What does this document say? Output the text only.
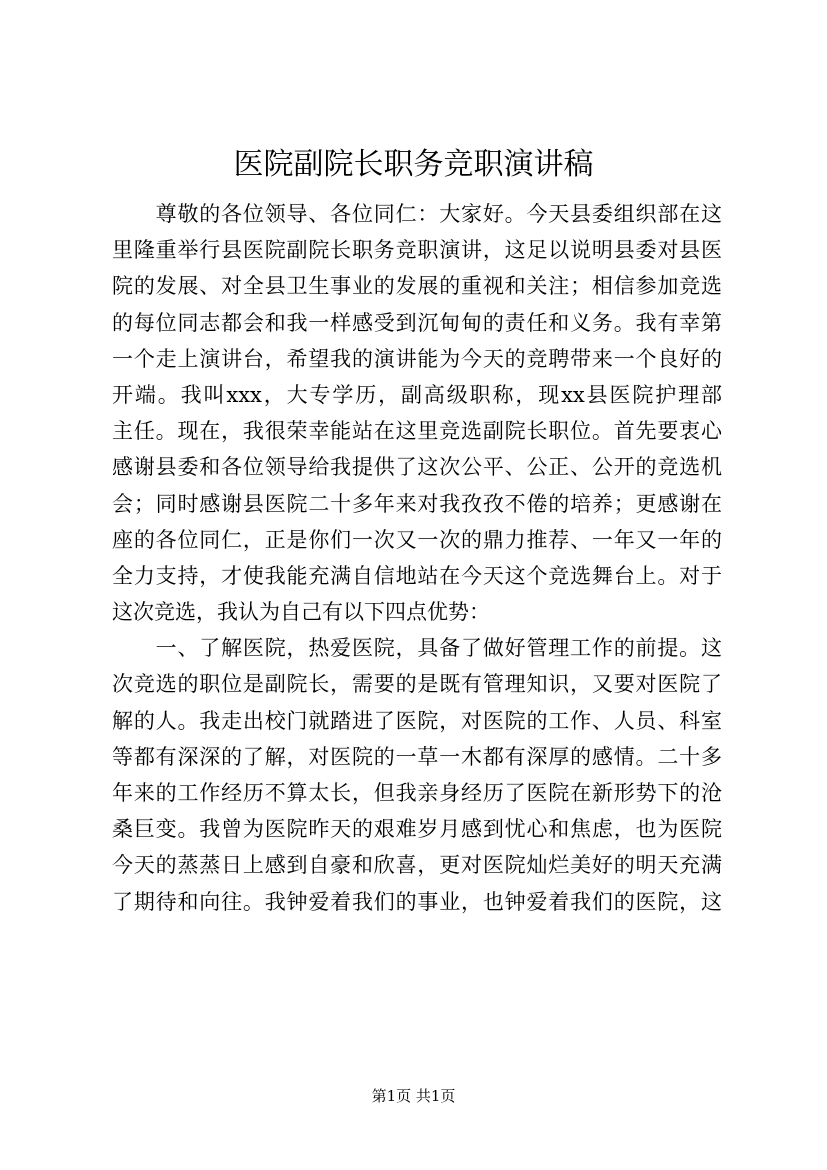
医院副院长职务竞职演讲稿
　　尊敬的各位领导、各位同仁：大家好。今天县委组织部在这
里隆重举行县医院副院长职务竞职演讲，这足以说明县委对县医
院的发展、对全县卫生事业的发展的重视和关注；相信参加竞选
的每位同志都会和我一样感受到沉甸甸的责任和义务。我有幸第
一个走上演讲台，希望我的演讲能为今天的竞聘带来一个良好的
开端。我叫xxx，大专学历，副高级职称，现xx县医院护理部
主任。现在，我很荣幸能站在这里竞选副院长职位。首先要衷心
感谢县委和各位领导给我提供了这次公平、公正、公开的竞选机
会；同时感谢县医院二十多年来对我孜孜不倦的培养；更感谢在
座的各位同仁，正是你们一次又一次的鼎力推荐、一年又一年的
全力支持，才使我能充满自信地站在今天这个竞选舞台上。对于
这次竞选，我认为自己有以下四点优势：
　　一、了解医院，热爱医院，具备了做好管理工作的前提。这
次竞选的职位是副院长，需要的是既有管理知识，又要对医院了
解的人。我走出校门就踏进了医院，对医院的工作、人员、科室
等都有深深的了解，对医院的一草一木都有深厚的感情。二十多
年来的工作经历不算太长，但我亲身经历了医院在新形势下的沧
桑巨变。我曾为医院昨天的艰难岁月感到忧心和焦虑，也为医院
今天的蒸蒸日上感到自豪和欣喜，更对医院灿烂美好的明天充满
了期待和向往。我钟爱着我们的事业，也钟爱着我们的医院，这
第1页 共1页
